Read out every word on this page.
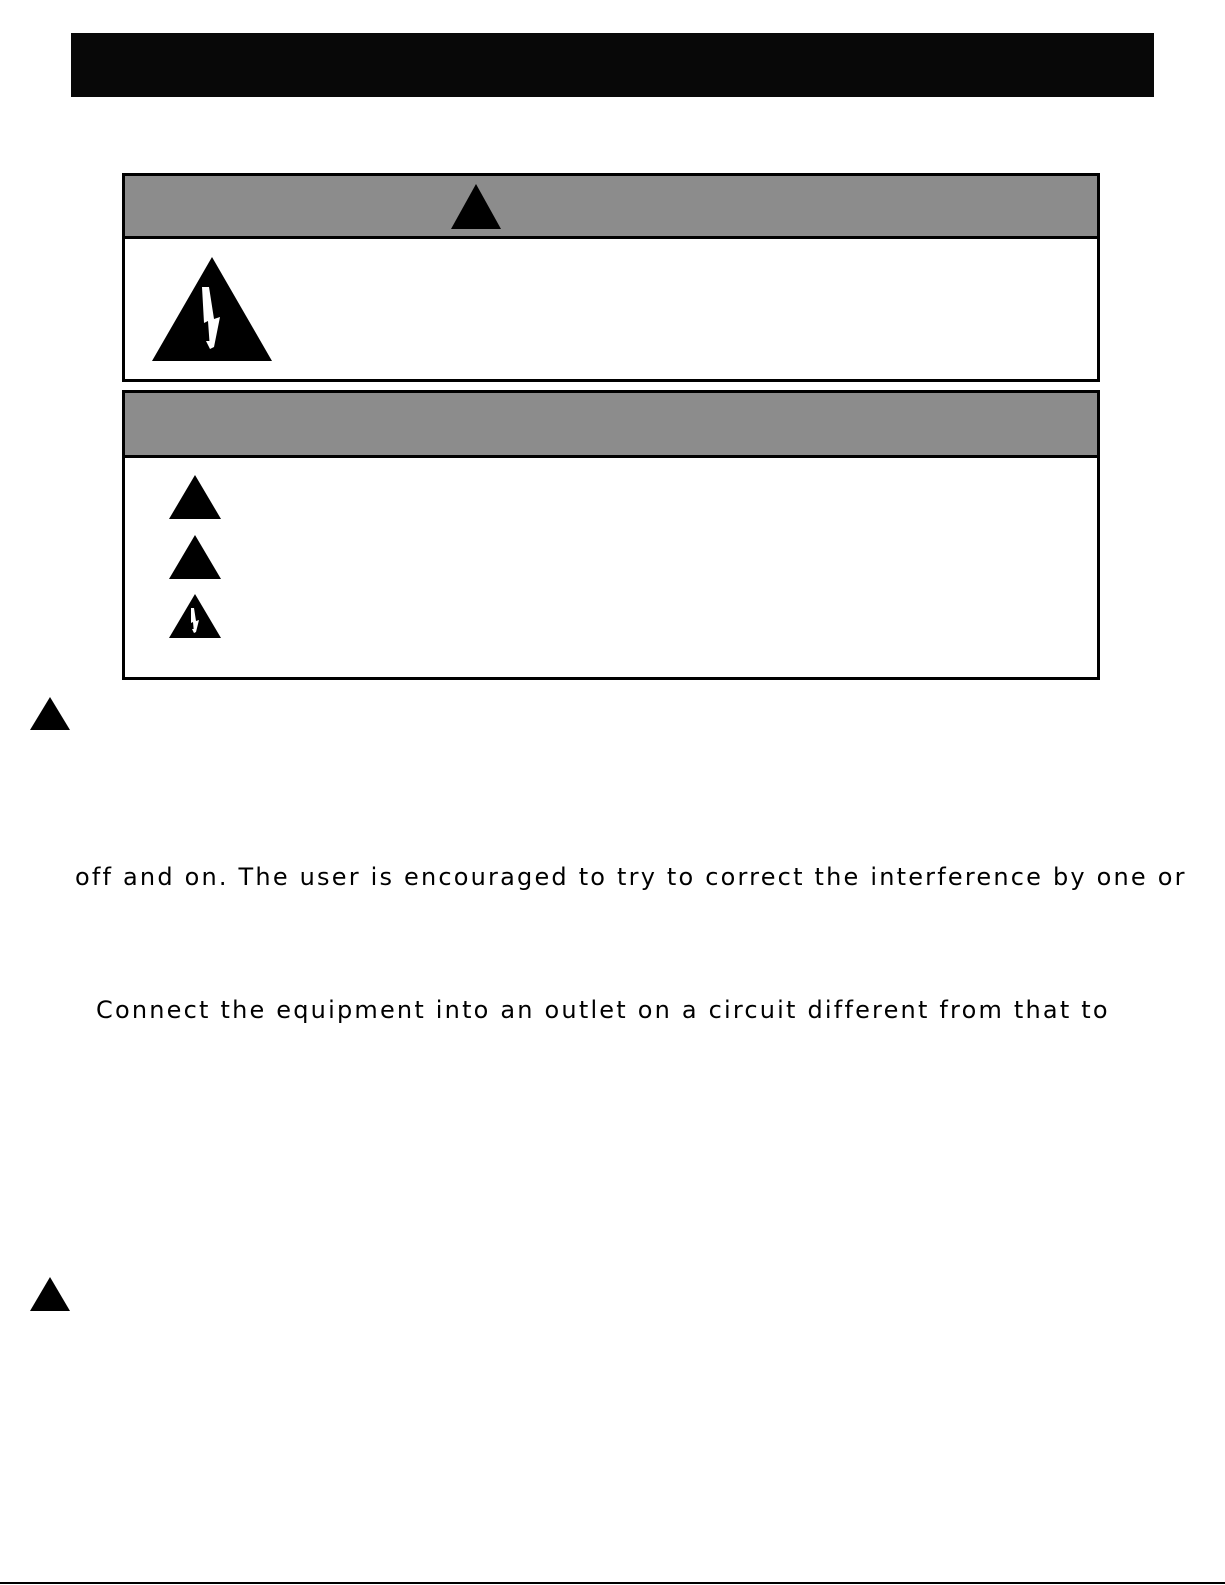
off and on. The user is encouraged to try to correct the interference by one or
Connect the equipment into an outlet on a circuit different from that to
